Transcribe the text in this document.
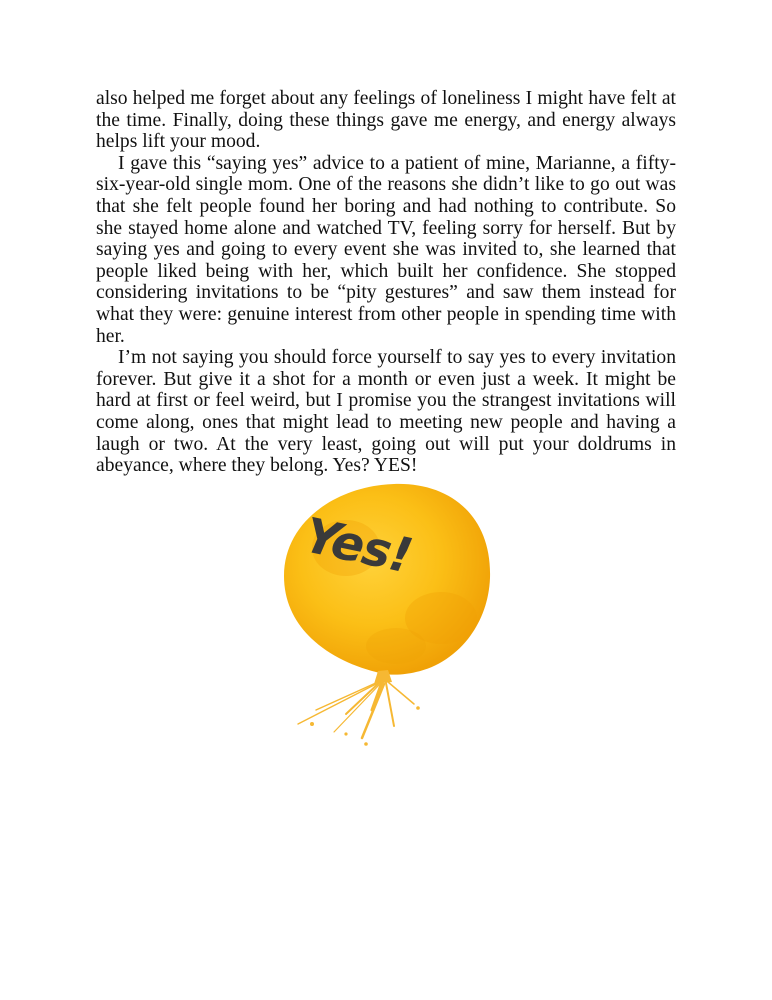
also helped me forget about any feelings of loneliness I might have felt at the time. Finally, doing these things gave me energy, and energy always helps lift your mood.

I gave this “saying yes” advice to a patient of mine, Marianne, a fifty-six-year-old single mom. One of the reasons she didn’t like to go out was that she felt people found her boring and had nothing to contribute. So she stayed home alone and watched TV, feeling sorry for herself. But by saying yes and going to every event she was invited to, she learned that people liked being with her, which built her confidence. She stopped considering invitations to be “pity gestures” and saw them instead for what they were: genuine interest from other people in spending time with her.

I’m not saying you should force yourself to say yes to every invitation forever. But give it a shot for a month or even just a week. It might be hard at first or feel weird, but I promise you the strangest invitations will come along, ones that might lead to meeting new people and having a laugh or two. At the very least, going out will put your doldrums in abeyance, where they belong. Yes? YES!

Yes!
